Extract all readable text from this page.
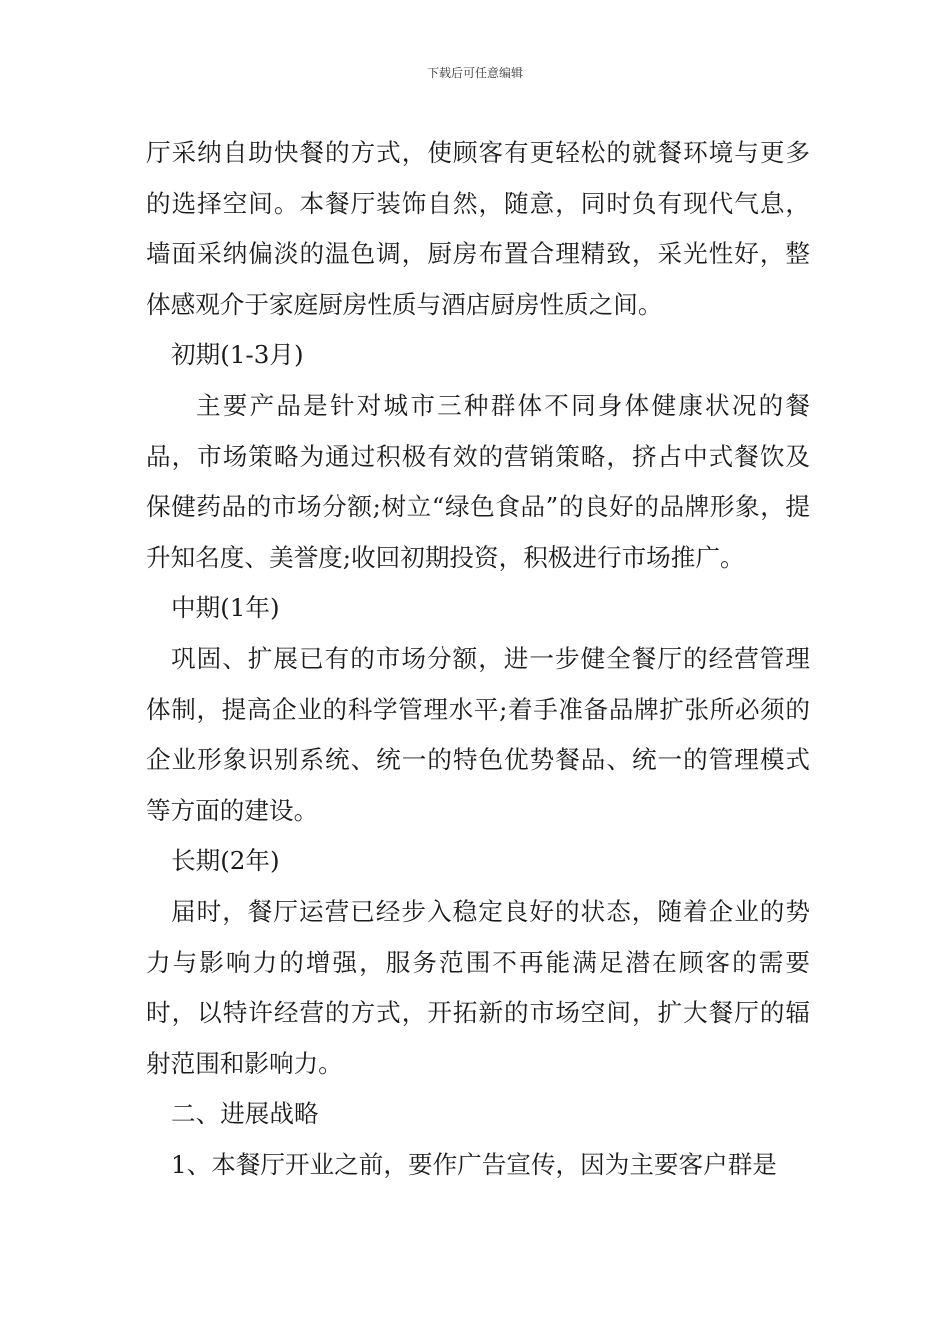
下载后可任意编辑

厅采纳自助快餐的方式，使顾客有更轻松的就餐环境与更多的选择空间。本餐厅装饰自然，随意，同时负有现代气息，墙面采纳偏淡的温色调，厨房布置合理精致，采光性好，整体感观介于家庭厨房性质与酒店厨房性质之间。

初期(1-3月)

主要产品是针对城市三种群体不同身体健康状况的餐品，市场策略为通过积极有效的营销策略，挤占中式餐饮及保健药品的市场分额;树立“绿色食品”的良好的品牌形象，提升知名度、美誉度;收回初期投资，积极进行市场推广。

中期(1年)

巩固、扩展已有的市场分额，进一步健全餐厅的经营管理体制，提高企业的科学管理水平;着手准备品牌扩张所必须的企业形象识别系统、统一的特色优势餐品、统一的管理模式等方面的建设。

长期(2年)

届时，餐厅运营已经步入稳定良好的状态，随着企业的势力与影响力的增强，服务范围不再能满足潜在顾客的需要时，以特许经营的方式，开拓新的市场空间，扩大餐厅的辐射范围和影响力。

二、进展战略

1、本餐厅开业之前，要作广告宣传，因为主要客户群是
